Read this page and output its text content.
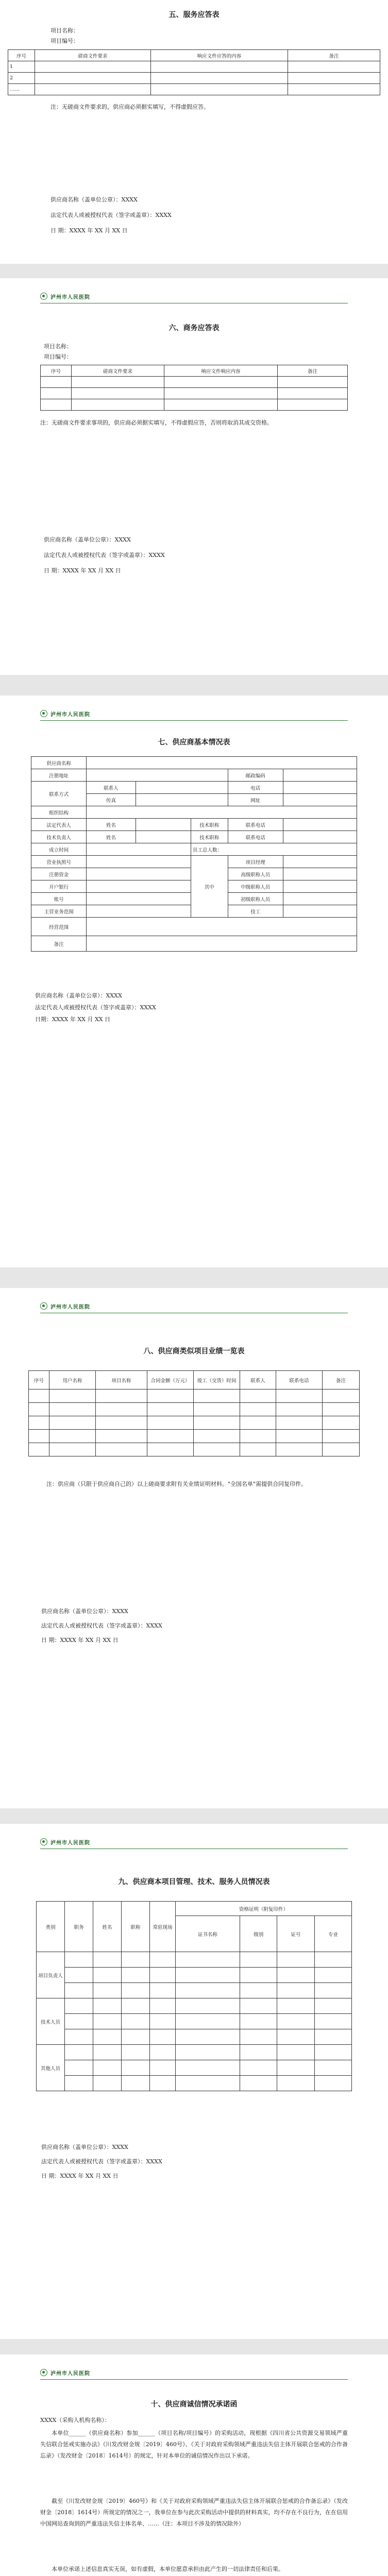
五、服务应答表
项目名称：
项目编号：
序号	磋商文件要求	响应文件应答的内容	备注
1			
2			
……			
注：无磋商文件要求的，供应商必须据实填写，不得虚假应答。
供应商名称（盖单位公章）：XXXX
法定代表人或被授权代表（签字或盖章）：XXXX
日 期：XXXX 年 XX 月 XX 日
泸州市人民医院
六、商务应答表
项目名称：
项目编号：
序号	磋商文件要求	响应文件响应内容	备注

注：无磋商文件要求事项的，供应商必须据实填写，不得虚假应答，否则将取消其成交资格。
供应商名称（盖单位公章）：XXXX
法定代表人或被授权代表（签字或盖章）：XXXX
日 期：XXXX 年 XX 月 XX 日
泸州市人民医院
七、供应商基本情况表
供应商名称					
注册地址				邮政编码	
联系方式	联系人			电话	
	传真			网址	
组织结构					
法定代表人	姓名		技术职称	联系电话	
技术负责人	姓名		技术职称	联系电话	
成立时间			员工总人数：		
营业执照号			其中	项目经理	
注册资金				高级职称人员	
开户银行				中级职称人员	
账号				初级职称人员	
主营业务范围				技工	
经营范围					
备注					
供应商名称（盖单位公章）：XXXX
法定代表人或被授权代表（签字或盖章）：XXXX
日期：XXXX 年 XX 月 XX 日
泸州市人民医院
八、供应商类似项目业绩一览表
序号	用户名称	项目名称	合同金额（万元）	竣工（交货）时间	联系人	联系电话	备注

注：供应商（只限于供应商自己的）以上磋商要求附有关业绩证明材料。"全国名单"需提供合同复印件。
供应商名称（盖单位公章）：XXXX
法定代表人或被授权代表（签字或盖章）：XXXX
日 期：XXXX 年 XX 月 XX 日
泸州市人民医院
九、供应商本项目管理、技术、服务人员情况表
类别	职务	姓名	职称	常驻现场	资格证明（附复印件）			
					证书名称	级别	证号	专业
项目负责人								

技术人员								

其他人员								

供应商名称（盖单位公章）：XXXX
法定代表人或被授权代表（签字或盖章）：XXXX
日 期：XXXX 年 XX 月 XX 日
泸州市人民医院
十、供应商诚信情况承诺函
XXXX（采购人机构名称）：
本单位______（供应商名称）参加______（项目名称/项目编号）的采购活动，现根据《四川省公共资源交易领域严重失信联合惩戒实施办法》《川发改财金规〔2019〕460号》、《关于对政府采购领域严重违法失信主体开展联合惩戒的合作备忘录》（发改财金〔2018〕1614号）的规定，针对本单位的诚信情况作出以下承诺。
截至《川发改财金规〔2019〕460号》和《关于对政府采购领域严重违法失信主体开展联合惩戒的合作备忘录》（发改财金〔2018〕1614号）所规定的情况之一，我单位在参与此次采购活动中提供的材料真实，均不存在不良行为，在在信用中国网站查询到的严重违法失信主体名单、……（注：本项目不涉及的情况除外）
本单位承诺上述信息真实无误，如有虚假，本单位愿意承担由此产生的一切法律责任和后果。
